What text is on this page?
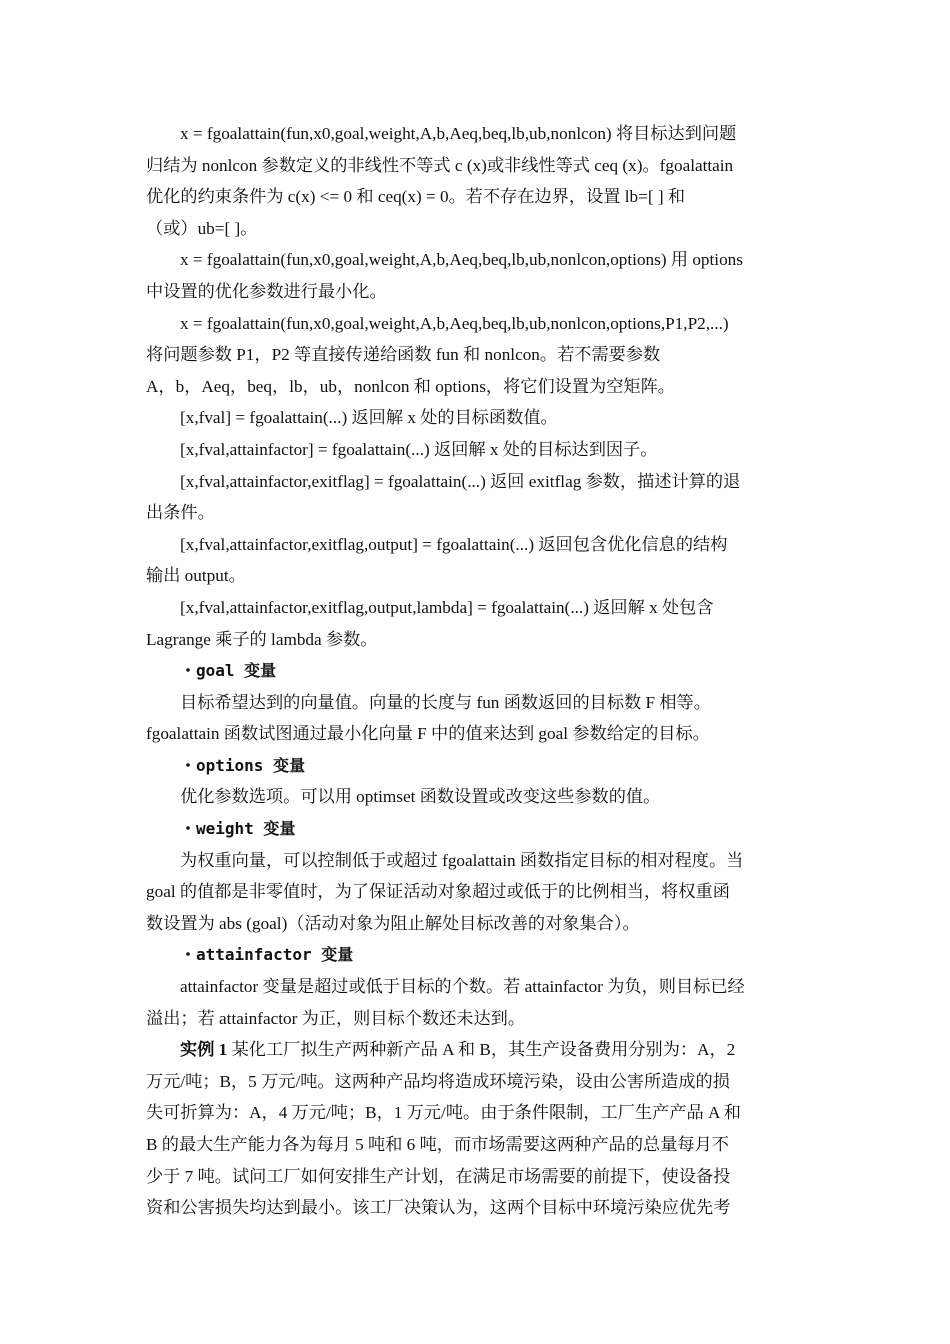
x = fgoalattain(fun,x0,goal,weight,A,b,Aeq,beq,lb,ub,nonlcon) 将目标达到问题
归结为 nonlcon 参数定义的非线性不等式 c (x)或非线性等式 ceq (x)。fgoalattain
优化的约束条件为 c(x) <= 0 和 ceq(x) = 0。若不存在边界，设置 lb=[ ] 和
（或）ub=[ ]。
x = fgoalattain(fun,x0,goal,weight,A,b,Aeq,beq,lb,ub,nonlcon,options) 用 options
中设置的优化参数进行最小化。
x = fgoalattain(fun,x0,goal,weight,A,b,Aeq,beq,lb,ub,nonlcon,options,P1,P2,...)
将问题参数 P1，P2 等直接传递给函数 fun 和 nonlcon。若不需要参数
A，b，Aeq，beq，lb，ub，nonlcon 和 options，将它们设置为空矩阵。
[x,fval] = fgoalattain(...) 返回解 x 处的目标函数值。
[x,fval,attainfactor] = fgoalattain(...) 返回解 x 处的目标达到因子。
[x,fval,attainfactor,exitflag] = fgoalattain(...) 返回 exitflag 参数，描述计算的退
出条件。
[x,fval,attainfactor,exitflag,output] = fgoalattain(...) 返回包含优化信息的结构
输出 output。
[x,fval,attainfactor,exitflag,output,lambda] = fgoalattain(...) 返回解 x 处包含
Lagrange 乘子的 lambda 参数。
・goal 变量
目标希望达到的向量值。向量的长度与 fun 函数返回的目标数 F 相等。
fgoalattain 函数试图通过最小化向量 F 中的值来达到 goal 参数给定的目标。
・options 变量
优化参数选项。可以用 optimset 函数设置或改变这些参数的值。
・weight 变量
为权重向量，可以控制低于或超过 fgoalattain 函数指定目标的相对程度。当
goal 的值都是非零值时，为了保证活动对象超过或低于的比例相当，将权重函
数设置为 abs (goal)（活动对象为阻止解处目标改善的对象集合）。
・attainfactor 变量
attainfactor 变量是超过或低于目标的个数。若 attainfactor 为负，则目标已经
溢出；若 attainfactor 为正，则目标个数还未达到。
实例 1 某化工厂拟生产两种新产品 A 和 B，其生产设备费用分别为：A，2
万元/吨；B，5 万元/吨。这两种产品均将造成环境污染，设由公害所造成的损
失可折算为：A，4 万元/吨；B，1 万元/吨。由于条件限制，工厂生产产品 A 和
B 的最大生产能力各为每月 5 吨和 6 吨，而市场需要这两种产品的总量每月不
少于 7 吨。试问工厂如何安排生产计划，在满足市场需要的前提下，使设备投
资和公害损失均达到最小。该工厂决策认为，这两个目标中环境污染应优先考
